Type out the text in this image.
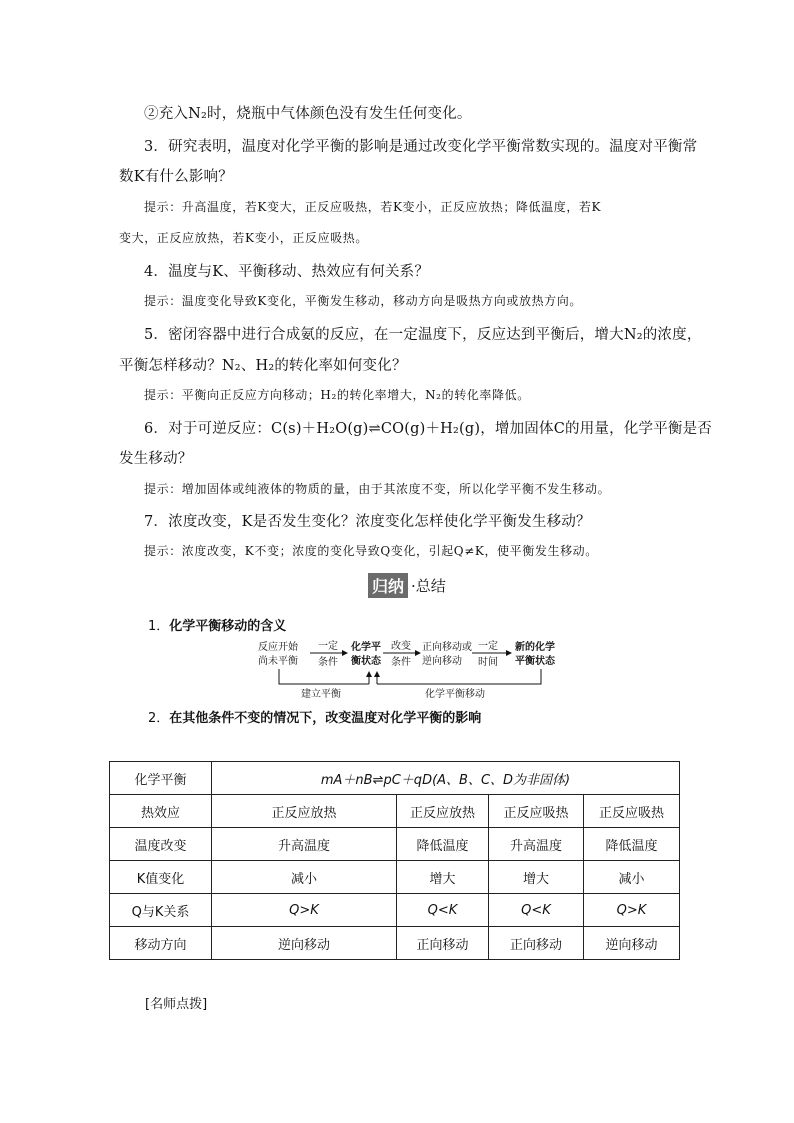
②充入N₂时，烧瓶中气体颜色没有发生任何变化。
3．研究表明，温度对化学平衡的影响是通过改变化学平衡常数实现的。温度对平衡常
数K有什么影响？
提示：升高温度，若K变大，正反应吸热，若K变小，正反应放热；降低温度，若K
变大，正反应放热，若K变小，正反应吸热。
4．温度与K、平衡移动、热效应有何关系？
提示：温度变化导致K变化，平衡发生移动，移动方向是吸热方向或放热方向。
5．密闭容器中进行合成氨的反应，在一定温度下，反应达到平衡后，增大N₂的浓度，
平衡怎样移动？N₂、H₂的转化率如何变化？
提示：平衡向正反应方向移动；H₂的转化率增大，N₂的转化率降低。
6．对于可逆反应：C(s)＋H₂O(g)⇌CO(g)＋H₂(g)，增加固体C的用量，化学平衡是否
发生移动？
提示：增加固体或纯液体的物质的量，由于其浓度不变，所以化学平衡不发生移动。
7．浓度改变，K是否发生变化？浓度变化怎样使化学平衡发生移动？
提示：浓度改变，K不变；浓度的变化导致Q变化，引起Q≠K，使平衡发生移动。
归纳 ·总结
1．化学平衡移动的含义
反应开始
尚未平衡
一定
条件
化学平
衡状态
改变
条件
正向移动或
逆向移动
一定
时间
新的化学
平衡状态
建立平衡	化学平衡移动
2．在其他条件不变的情况下，改变温度对化学平衡的影响
化学平衡	mA＋nB⇌pC＋qD(A、B、C、D为非固体)			
热效应	正反应放热	正反应放热	正反应吸热	正反应吸热
温度改变	升高温度	降低温度	升高温度	降低温度
K值变化	减小	增大	增大	减小
Q与K关系	Q>K	Q<K	Q<K	Q>K
移动方向	逆向移动	正向移动	正向移动	逆向移动
[名师点拨]
